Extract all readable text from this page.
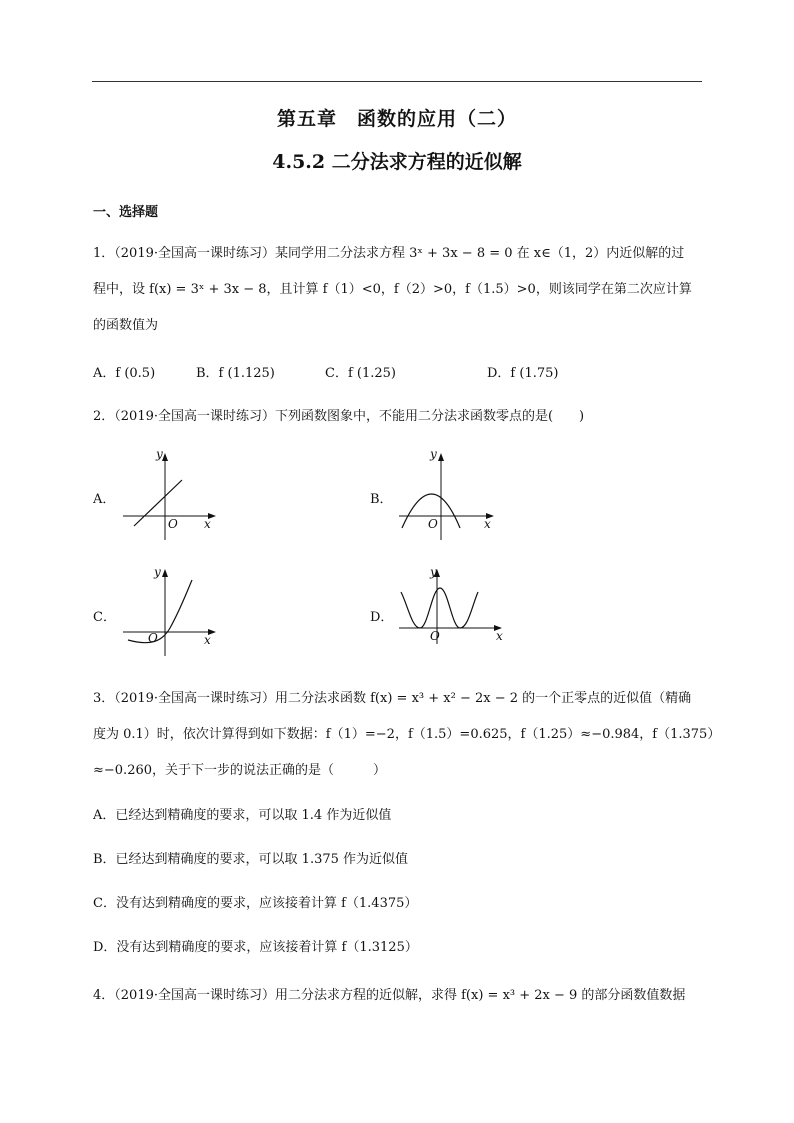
第五章　函数的应用（二）
4.5.2 二分法求方程的近似解
一、选择题
1．（2019·全国高一课时练习）某同学用二分法求方程 3ˣ + 3x − 8 = 0 在 x∈（1，2）内近似解的过
程中，设 f(x) = 3ˣ + 3x − 8，且计算 f（1）<0，f（2）>0，f（1.5）>0，则该同学在第二次应计算
的函数值为
A．f (0.5)	B．f (1.125)	C．f (1.25)	D．f (1.75)
2．（2019·全国高一课时练习）下列函数图象中，不能用二分法求函数零点的是(　　)
A．
y
x
O
B．
y
x
O
C．
y
x
O
D．
y
x
O
3．（2019·全国高一课时练习）用二分法求函数 f(x) = x³ + x² − 2x − 2 的一个正零点的近似值（精确
度为 0.1）时，依次计算得到如下数据：f（1）=−2，f（1.5）=0.625，f（1.25）≈−0.984，f（1.375）
≈−0.260，关于下一步的说法正确的是（　　　）
A．已经达到精确度的要求，可以取 1.4 作为近似值
B．已经达到精确度的要求，可以取 1.375 作为近似值
C．没有达到精确度的要求，应该接着计算 f（1.4375）
D．没有达到精确度的要求，应该接着计算 f（1.3125）
4．（2019·全国高一课时练习）用二分法求方程的近似解，求得 f(x) = x³ + 2x − 9 的部分函数值数据
